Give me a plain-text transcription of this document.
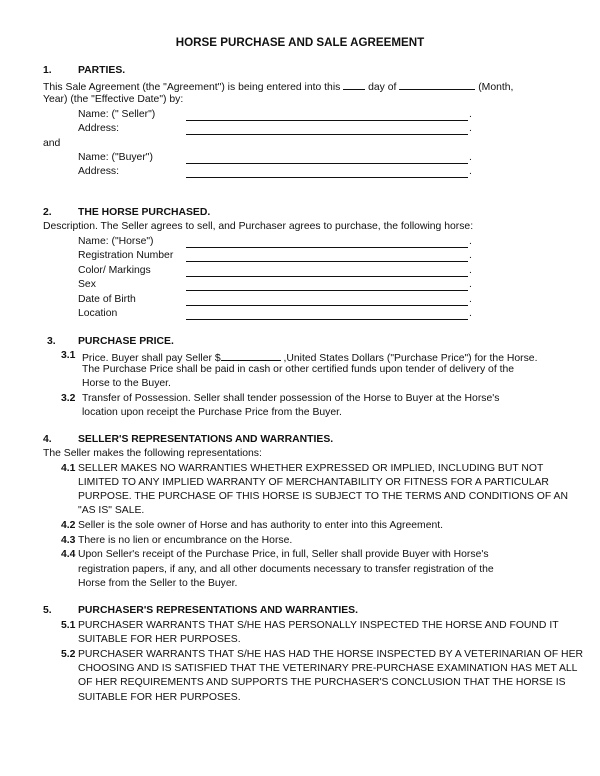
HORSE PURCHASE AND SALE AGREEMENT
1.	PARTIES.
This Sale Agreement (the "Agreement") is being entered into this	day of	(Month,
Year) (the "Effective Date") by:
Name: (" Seller")	.
Address:	.
and
Name: ("Buyer")	.
Address:	.
2.	THE HORSE PURCHASED.
Description. The Seller agrees to sell, and Purchaser agrees to purchase, the following horse:
Name: ("Horse")	.
Registration Number	.
Color/ Markings	.
Sex	.
Date of Birth	.
Location	.
3. PURCHASE PRICE.
3.1 Price. Buyer shall pay Seller $	,United States Dollars ("Purchase Price") for the Horse.
The Purchase Price shall be paid in cash or other certified funds upon tender of delivery of the
Horse to the Buyer.
3.2 Transfer of Possession. Seller shall tender possession of the Horse to Buyer at the Horse's
location upon receipt the Purchase Price from the Buyer.
4.	SELLER'S REPRESENTATIONS AND WARRANTIES.
The Seller makes the following representations:
4.1 SELLER MAKES NO WARRANTIES WHETHER EXPRESSED OR IMPLIED, INCLUDING BUT NOT
LIMITED TO ANY IMPLIED WARRANTY OF MERCHANTABILITY OR FITNESS FOR A PARTICULAR
PURPOSE. THE PURCHASE OF THIS HORSE IS SUBJECT TO THE TERMS AND CONDITIONS OF AN
"AS IS" SALE.
4.2 Seller is the sole owner of Horse and has authority to enter into this Agreement.
4.3 There is no lien or encumbrance on the Horse.
4.4 Upon Seller's receipt of the Purchase Price, in full, Seller shall provide Buyer with Horse's
registration papers, if any, and all other documents necessary to transfer registration of the
Horse from the Seller to the Buyer.
5.	PURCHASER'S REPRESENTATIONS AND WARRANTIES.
5.1 PURCHASER WARRANTS THAT S/HE HAS PERSONALLY INSPECTED THE HORSE AND FOUND IT
SUITABLE FOR HER PURPOSES.
5.2 PURCHASER WARRANTS THAT S/HE HAS HAD THE HORSE INSPECTED BY A VETERINARIAN OF HER
CHOOSING AND IS SATISFIED THAT THE VETERINARY PRE-PURCHASE EXAMINATION HAS MET ALL
OF HER REQUIREMENTS AND SUPPORTS THE PURCHASER'S CONCLUSION THAT THE HORSE IS
SUITABLE FOR HER PURPOSES.
